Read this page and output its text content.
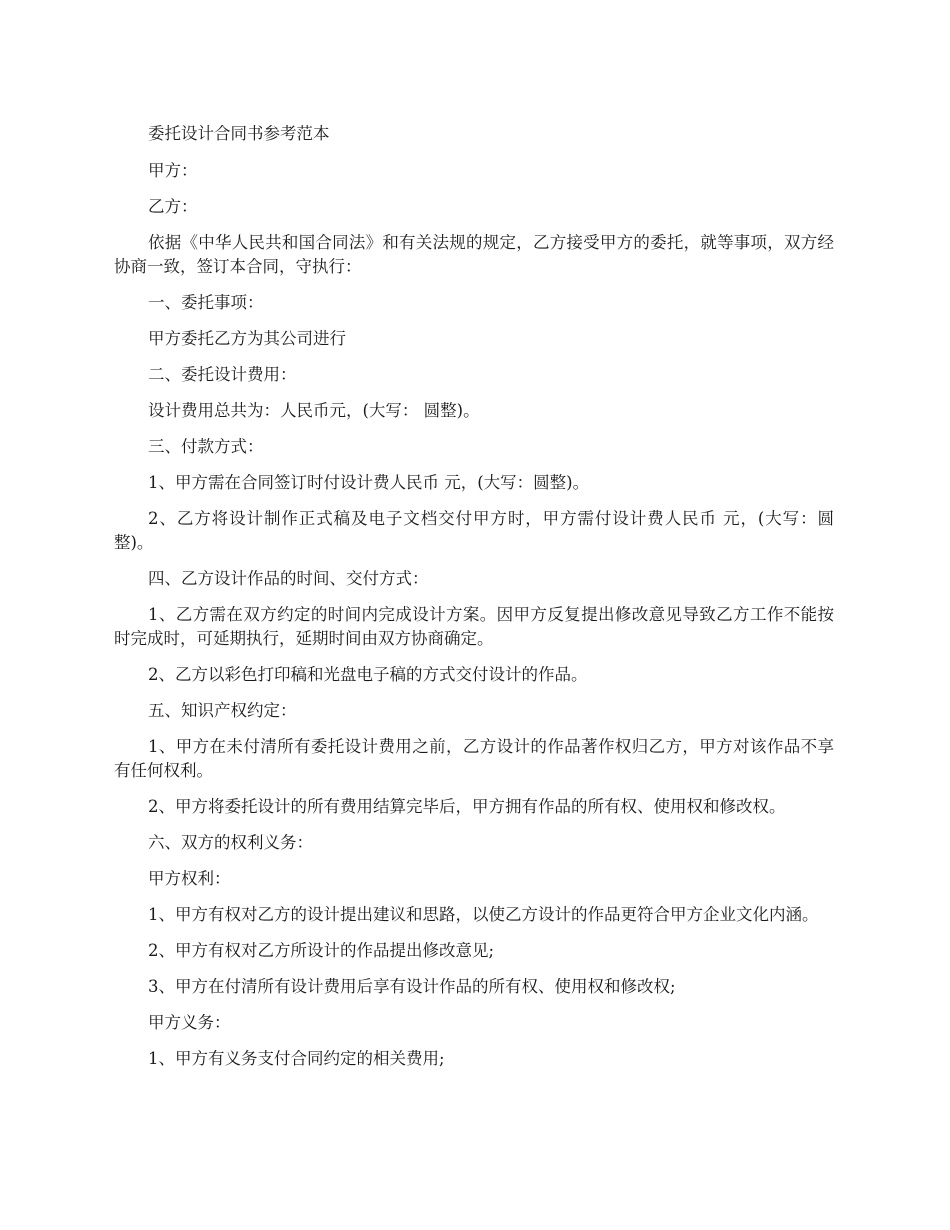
委托设计合同书参考范本

甲方：

乙方：

依据《中华人民共和国合同法》和有关法规的规定，乙方接受甲方的委托，就等事项，双方经协商一致，签订本合同，守执行：

一、委托事项：

甲方委托乙方为其公司进行

二、委托设计费用：

设计费用总共为：人民币元，(大写： 圆整)。

三、付款方式：

1、甲方需在合同签订时付设计费人民币 元，(大写：圆整)。

2、乙方将设计制作正式稿及电子文档交付甲方时，甲方需付设计费人民币 元，(大写：圆整)。

四、乙方设计作品的时间、交付方式：

1、乙方需在双方约定的时间内完成设计方案。因甲方反复提出修改意见导致乙方工作不能按时完成时，可延期执行，延期时间由双方协商确定。

2、乙方以彩色打印稿和光盘电子稿的方式交付设计的作品。

五、知识产权约定：

1、甲方在未付清所有委托设计费用之前，乙方设计的作品著作权归乙方，甲方对该作品不享有任何权利。

2、甲方将委托设计的所有费用结算完毕后，甲方拥有作品的所有权、使用权和修改权。

六、双方的权利义务：

甲方权利：

1、甲方有权对乙方的设计提出建议和思路，以使乙方设计的作品更符合甲方企业文化内涵。

2、甲方有权对乙方所设计的作品提出修改意见;

3、甲方在付清所有设计费用后享有设计作品的所有权、使用权和修改权;

甲方义务：

1、甲方有义务支付合同约定的相关费用;
